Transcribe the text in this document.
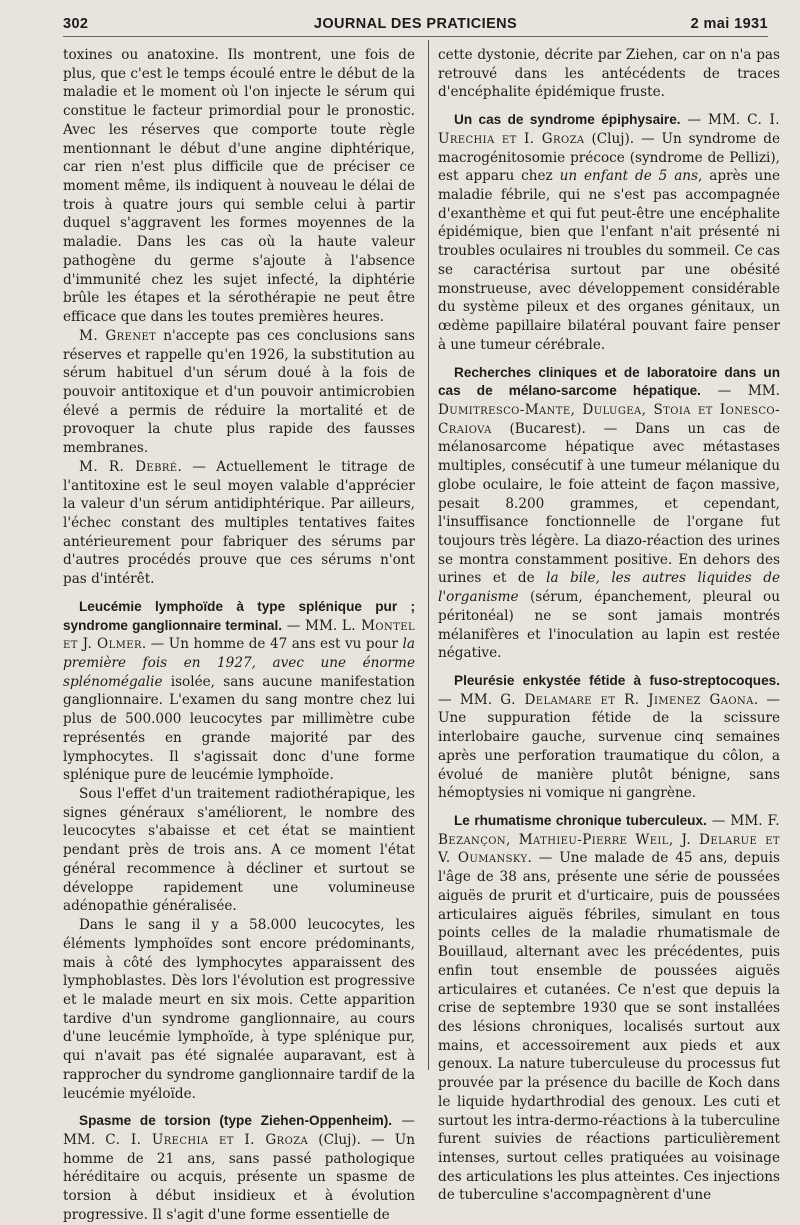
302	JOURNAL DES PRATICIENS	2 mai 1931

toxines ou anatoxine. Ils montrent, une fois de plus, que c'est le temps écoulé entre le début de la maladie et le moment où l'on injecte le sérum qui constitue le facteur primordial pour le pronostic. Avec les réserves que comporte toute règle mentionnant le début d'une angine diphtérique, car rien n'est plus difficile que de préciser ce moment même, ils indiquent à nouveau le délai de trois à quatre jours qui semble celui à partir duquel s'aggravent les formes moyennes de la maladie. Dans les cas où la haute valeur pathogène du germe s'ajoute à l'absence d'immunité chez les sujet infecté, la diphtérie brûle les étapes et la sérothérapie ne peut être efficace que dans les toutes premières heures.

M. Grenet n'accepte pas ces conclusions sans réserves et rappelle qu'en 1926, la substitution au sérum habituel d'un sérum doué à la fois de pouvoir antitoxique et d'un pouvoir antimicrobien élevé a permis de réduire la mortalité et de provoquer la chute plus rapide des fausses membranes.

M. R. Debré. — Actuellement le titrage de l'antitoxine est le seul moyen valable d'apprécier la valeur d'un sérum antidiphtérique. Par ailleurs, l'échec constant des multiples tentatives faites antérieurement pour fabriquer des sérums par d'autres procédés prouve que ces sérums n'ont pas d'intérêt.

Leucémie lymphoïde à type splénique pur ; syndrome ganglionnaire terminal. — MM. L. Montel et J. Olmer. — Un homme de 47 ans est vu pour la première fois en 1927, avec une énorme splénomégalie isolée, sans aucune manifestation ganglionnaire. L'examen du sang montre chez lui plus de 500.000 leucocytes par millimètre cube représentés en grande majorité par des lymphocytes. Il s'agissait donc d'une forme splénique pure de leucémie lymphoïde.

Sous l'effet d'un traitement radiothérapique, les signes généraux s'améliorent, le nombre des leucocytes s'abaisse et cet état se maintient pendant près de trois ans. A ce moment l'état général recommence à décliner et surtout se développe rapidement une volumineuse adénopathie généralisée.

Dans le sang il y a 58.000 leucocytes, les éléments lymphoïdes sont encore prédominants, mais à côté des lymphocytes apparaissent des lymphoblastes. Dès lors l'évolution est progressive et le malade meurt en six mois. Cette apparition tardive d'un syndrome ganglionnaire, au cours d'une leucémie lymphoïde, à type splénique pur, qui n'avait pas été signalée auparavant, est à rapprocher du syndrome ganglionnaire tardif de la leucémie myéloïde.

Spasme de torsion (type Ziehen-Oppenheim). — MM. C. I. Urechia et I. Groza (Cluj). — Un homme de 21 ans, sans passé pathologique héréditaire ou acquis, présente un spasme de torsion à début insidieux et à évolution progressive. Il s'agit d'une forme essentielle de

cette dystonie, décrite par Ziehen, car on n'a pas retrouvé dans les antécédents de traces d'encéphalite épidémique fruste.

Un cas de syndrome épiphysaire. — MM. C. I. Urechia et I. Groza (Cluj). — Un syndrome de macrogénitosomie précoce (syndrome de Pellizi), est apparu chez un enfant de 5 ans, après une maladie fébrile, qui ne s'est pas accompagnée d'exanthème et qui fut peut-être une encéphalite épidémique, bien que l'enfant n'ait présenté ni troubles oculaires ni troubles du sommeil. Ce cas se caractérisa surtout par une obésité monstrueuse, avec développement considérable du système pileux et des organes génitaux, un œdème papillaire bilatéral pouvant faire penser à une tumeur cérébrale.

Recherches cliniques et de laboratoire dans un cas de mélano-sarcome hépatique. — MM. Dumitresco-Mante, Dulugea, Stoia et Ionesco-Craiova (Bucarest). — Dans un cas de mélanosarcome hépatique avec métastases multiples, consécutif à une tumeur mélanique du globe oculaire, le foie atteint de façon massive, pesait 8.200 grammes, et cependant, l'insuffisance fonctionnelle de l'organe fut toujours très légère. La diazo-réaction des urines se montra constamment positive. En dehors des urines et de la bile, les autres liquides de l'organisme (sérum, épanchement, pleural ou péritonéal) ne se sont jamais montrés mélanifères et l'inoculation au lapin est restée négative.

Pleurésie enkystée fétide à fuso-streptocoques. — MM. G. Delamare et R. Jimenez Gaona. — Une suppuration fétide de la scissure interlobaire gauche, survenue cinq semaines après une perforation traumatique du côlon, a évolué de manière plutôt bénigne, sans hémoptysies ni vomique ni gangrène.

Le rhumatisme chronique tuberculeux. — MM. F. Bezançon, Mathieu-Pierre Weil, J. Delarue et V. Oumansky. — Une malade de 45 ans, depuis l'âge de 38 ans, présente une série de poussées aiguës de prurit et d'urticaire, puis de poussées articulaires aiguës fébriles, simulant en tous points celles de la maladie rhumatismale de Bouillaud, alternant avec les précédentes, puis enfin tout ensemble de poussées aiguës articulaires et cutanées. Ce n'est que depuis la crise de septembre 1930 que se sont installées des lésions chroniques, localisés surtout aux mains, et accessoirement aux pieds et aux genoux. La nature tuberculeuse du processus fut prouvée par la présence du bacille de Koch dans le liquide hydarthrodial des genoux. Les cuti et surtout les intra-dermo-réactions à la tuberculine furent suivies de réactions particulièrement intenses, surtout celles pratiquées au voisinage des articulations les plus atteintes. Ces injections de tuberculine s'accompagnèrent d'une
